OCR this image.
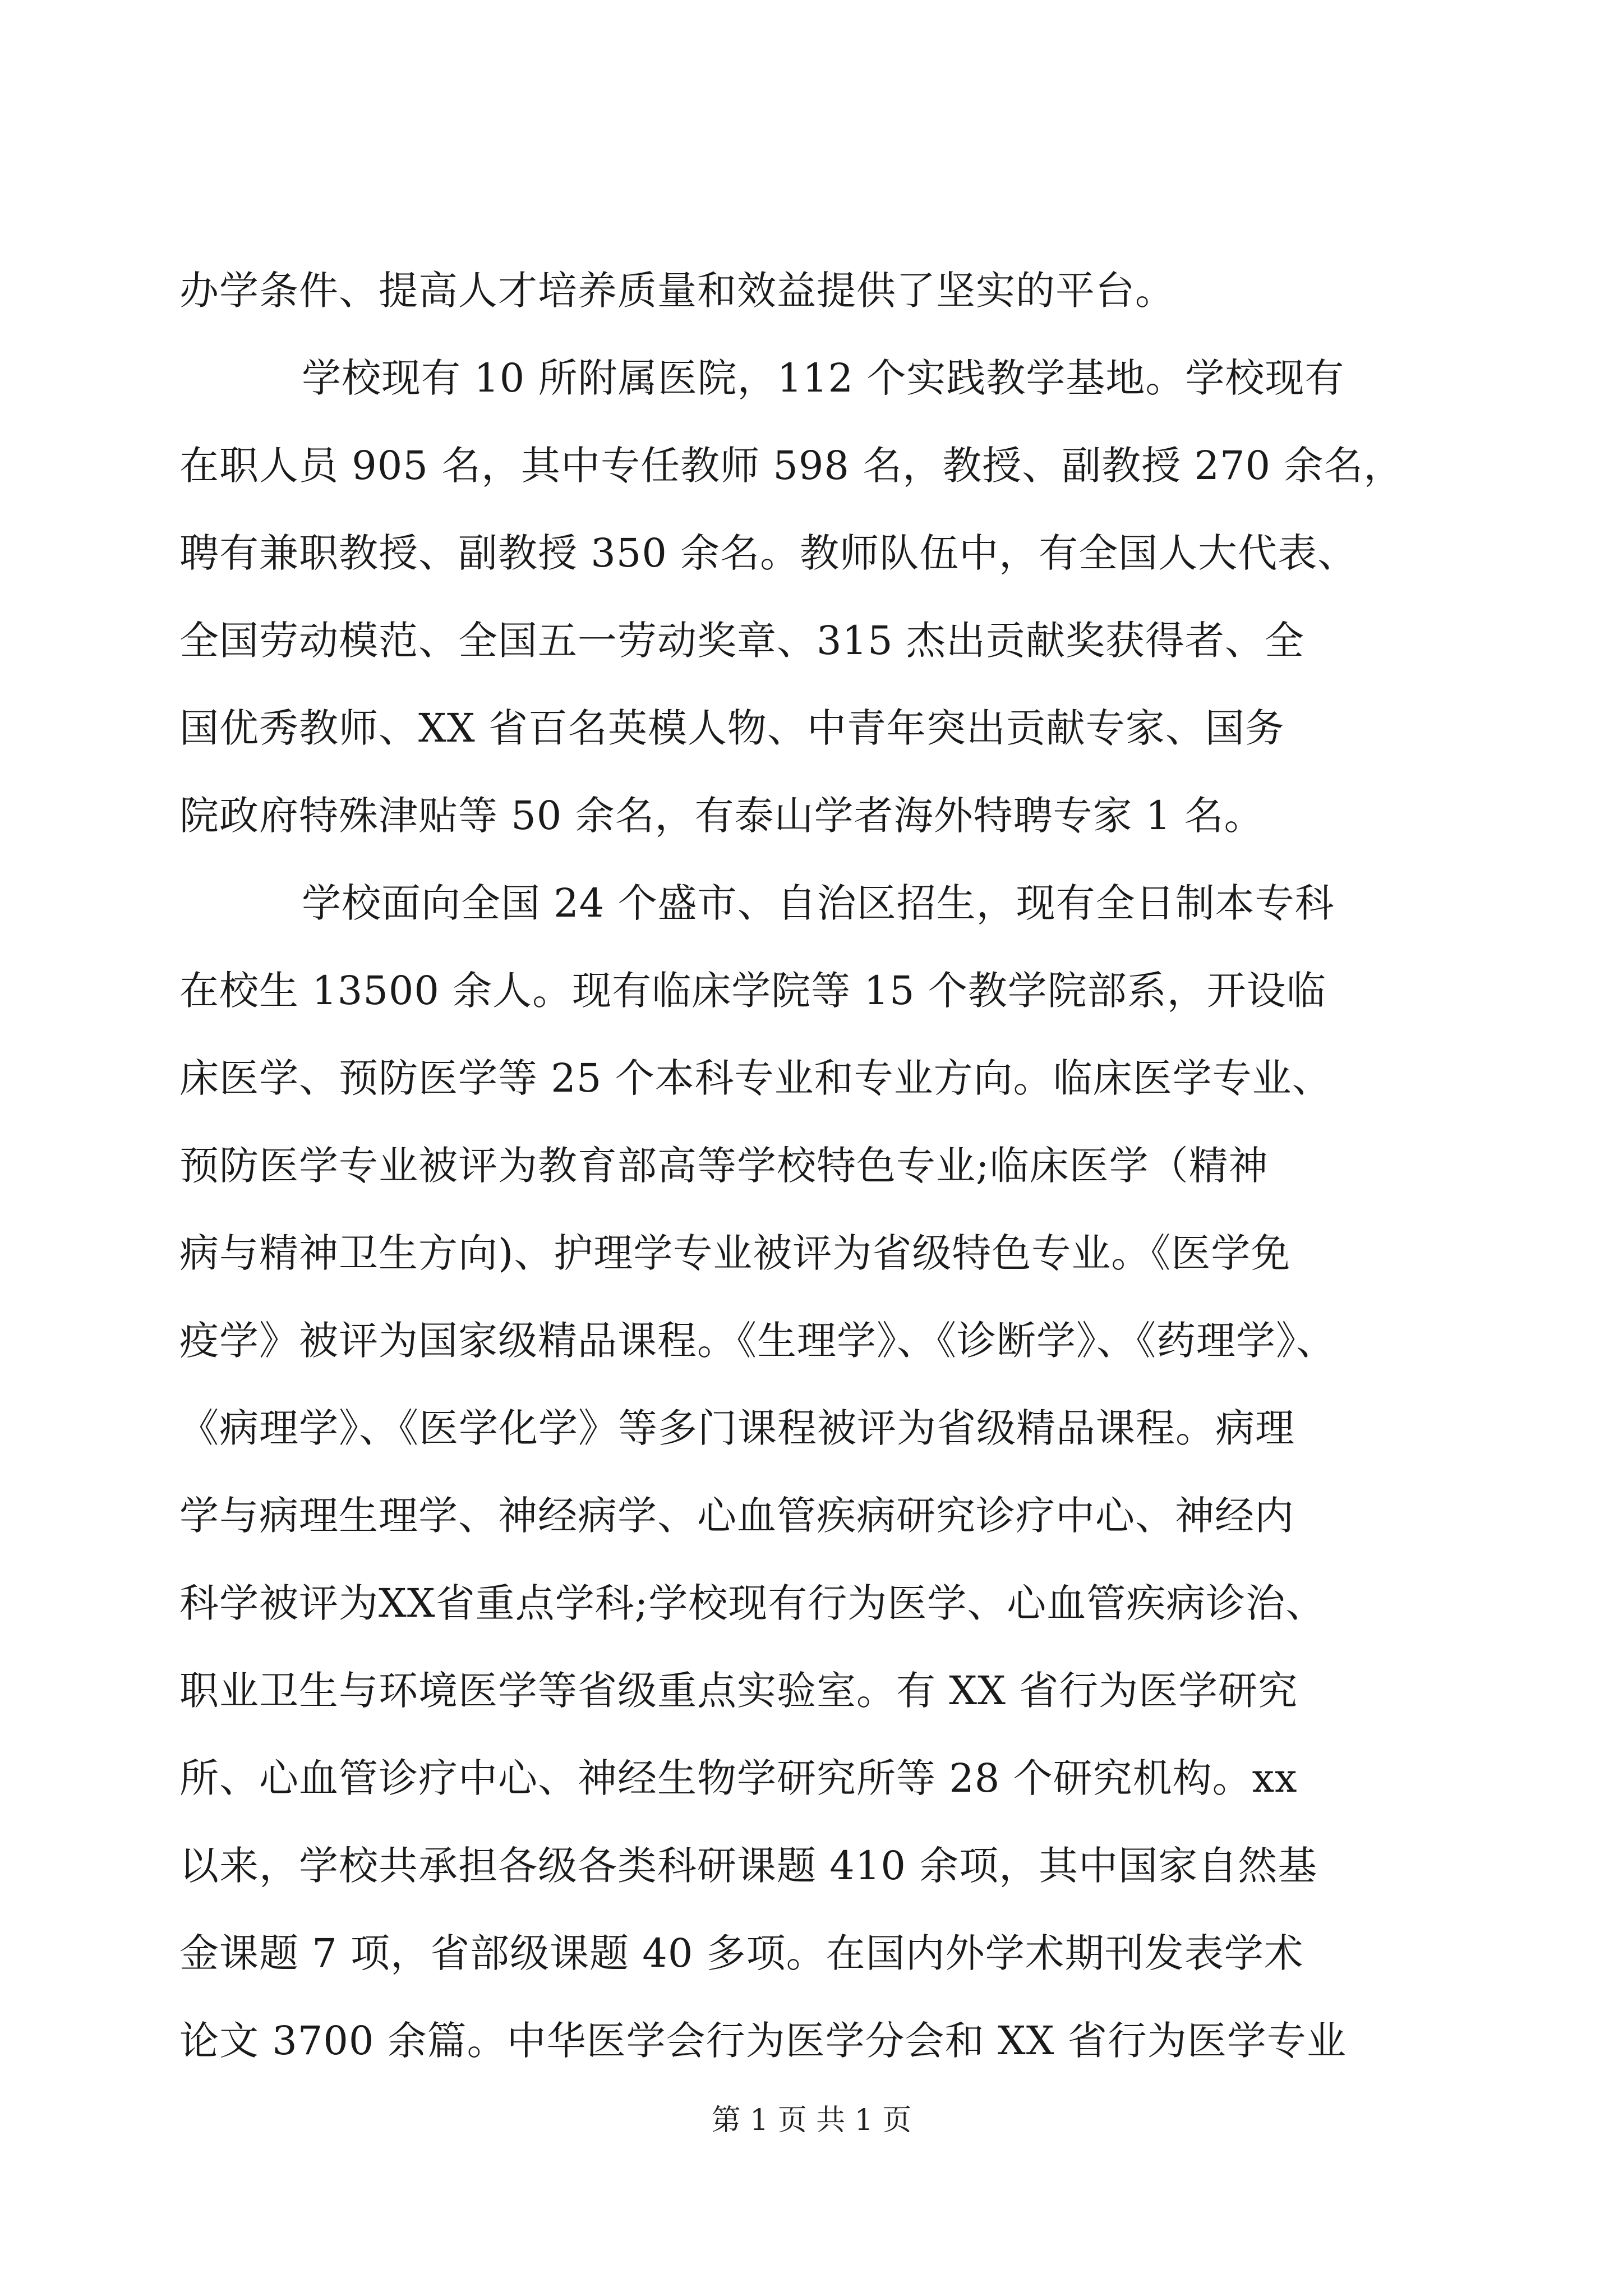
办学条件、提高人才培养质量和效益提供了坚实的平台。
学校现有 10 所附属医院，112 个实践教学基地。学校现有
在职人员 905 名，其中专任教师 598 名，教授、副教授 270 余名，
聘有兼职教授、副教授 350 余名。教师队伍中，有全国人大代表、
全国劳动模范、全国五一劳动奖章、315 杰出贡献奖获得者、全
国优秀教师、XX 省百名英模人物、中青年突出贡献专家、国务
院政府特殊津贴等 50 余名，有泰山学者海外特聘专家 1 名。
学校面向全国 24 个盛市、自治区招生，现有全日制本专科
在校生 13500 余人。现有临床学院等 15 个教学院部系，开设临
床医学、预防医学等 25 个本科专业和专业方向。临床医学专业、
预防医学专业被评为教育部高等学校特色专业;临床医学（精神
病与精神卫生方向)、护理学专业被评为省级特色专业。《医学免
疫学》被评为国家级精品课程。《生理学》、《诊断学》、《药理学》、
《病理学》、《医学化学》等多门课程被评为省级精品课程。病理
学与病理生理学、神经病学、心血管疾病研究诊疗中心、神经内
科学被评为XX省重点学科;学校现有行为医学、心血管疾病诊治、
职业卫生与环境医学等省级重点实验室。有 XX 省行为医学研究
所、心血管诊疗中心、神经生物学研究所等 28 个研究机构。xx
以来，学校共承担各级各类科研课题 410 余项，其中国家自然基
金课题 7 项，省部级课题 40 多项。在国内外学术期刊发表学术
论文 3700 余篇。中华医学会行为医学分会和 XX 省行为医学专业
第 1 页 共 1 页
